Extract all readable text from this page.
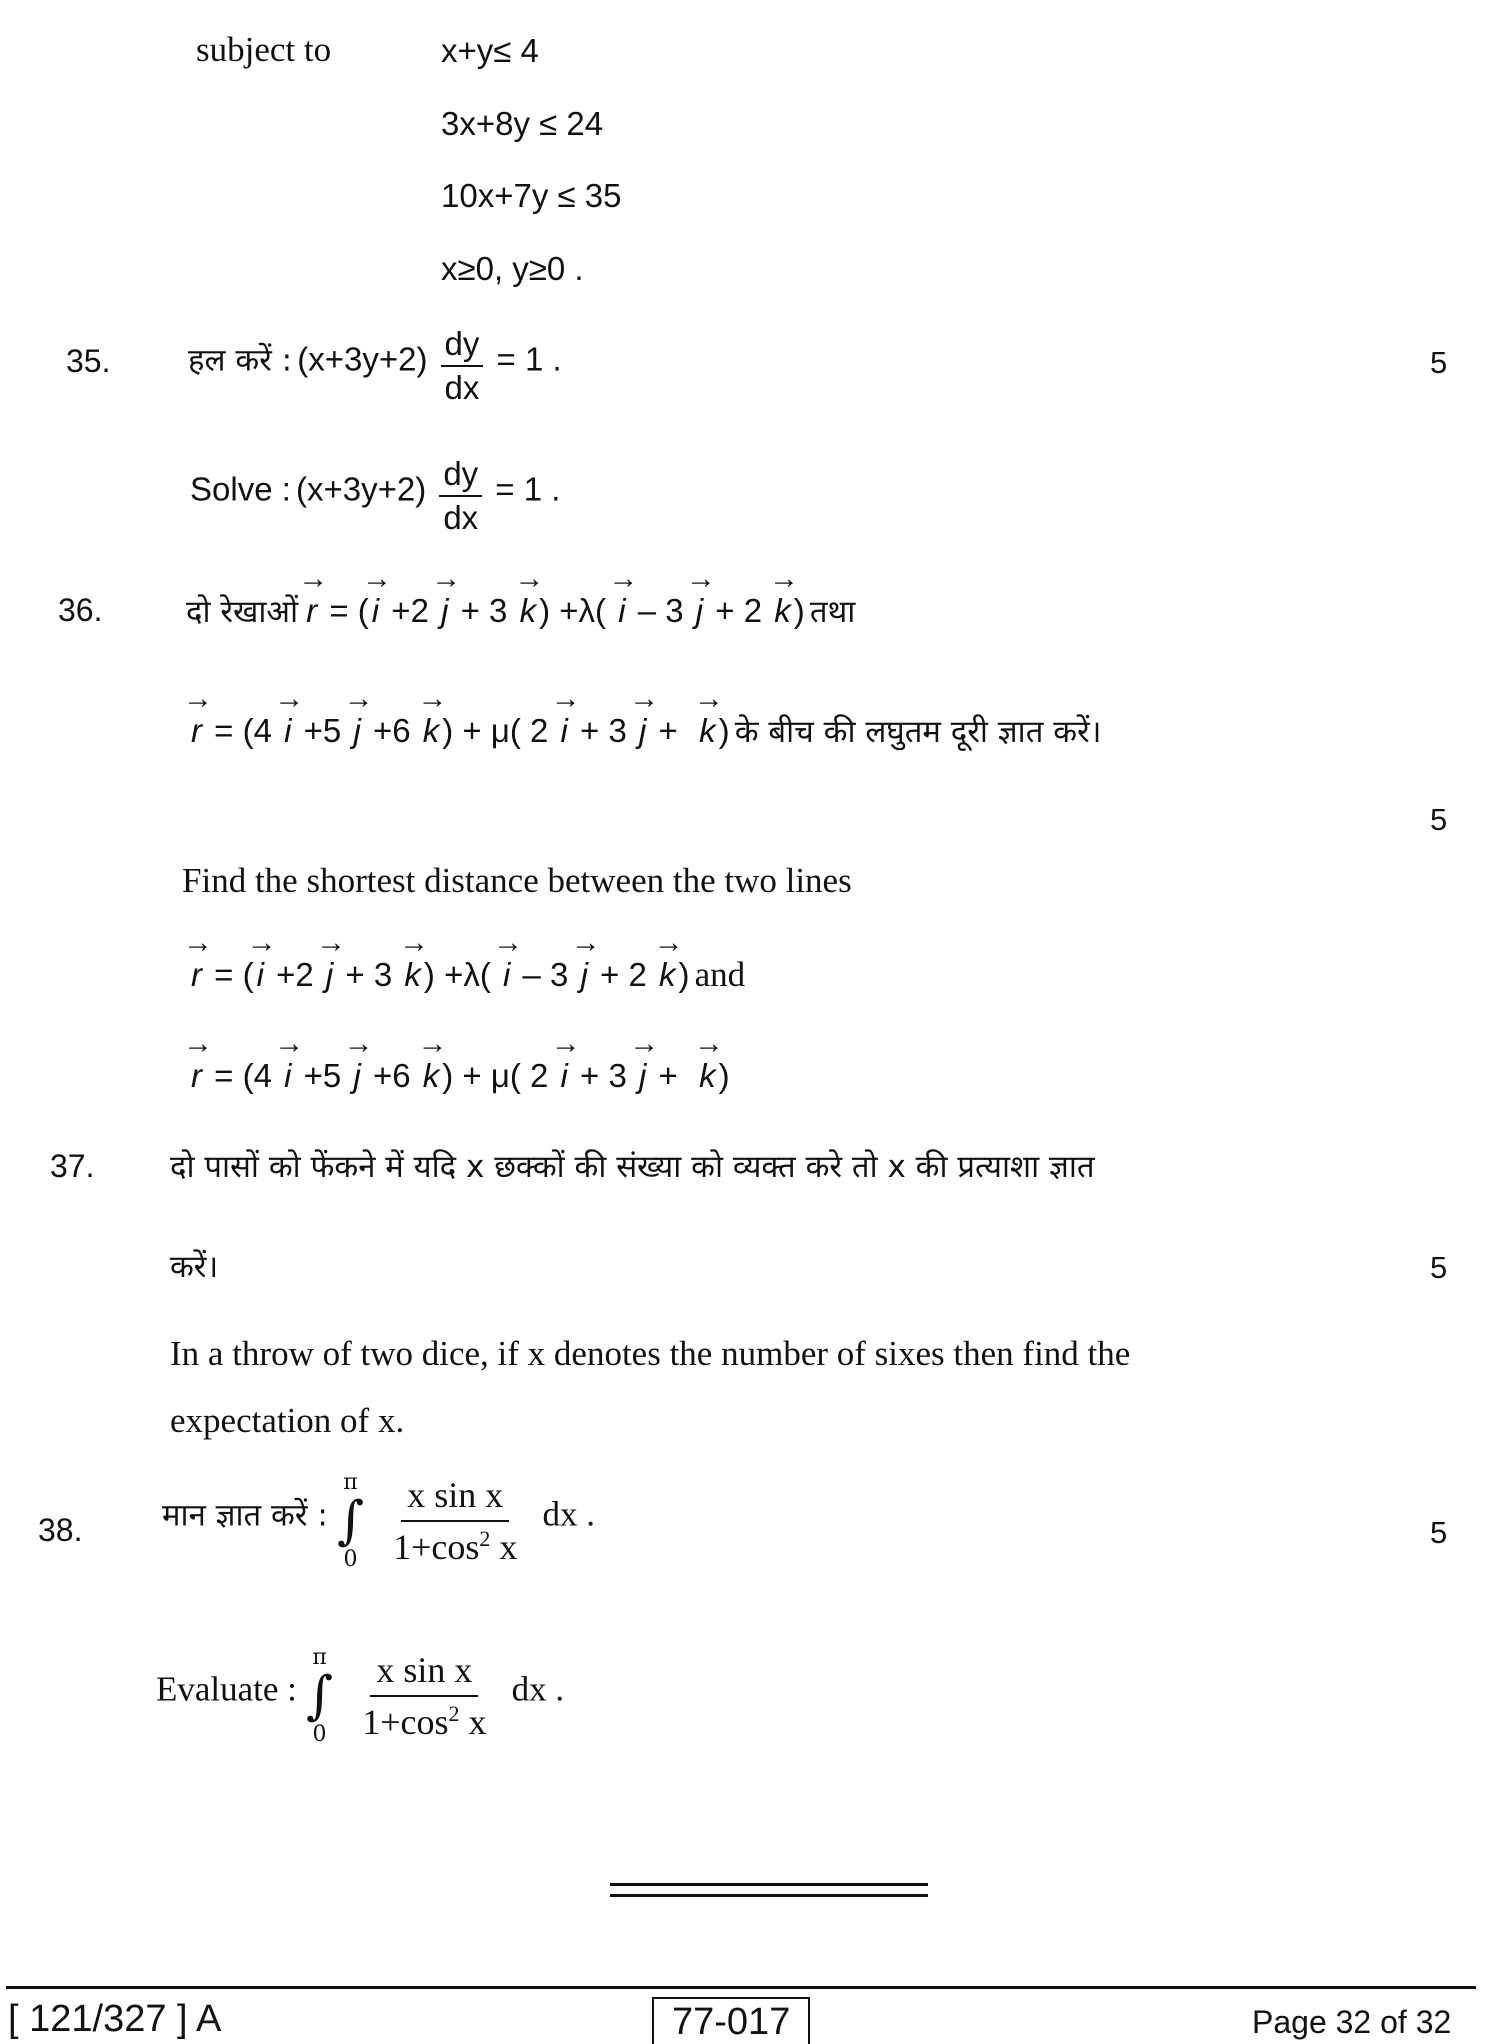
subject to	x+y≤ 4
3x+8y ≤ 24
10x+7y ≤ 35
x≥0, y≥0 .
35.	हल करें : $(x+3y+2) \frac{dy}{dx} = 1$ .	5
Solve : $(x+3y+2) \frac{dy}{dx} = 1$ .
36.	दो रेखाओं → r = (→ i +2 → j + 3 → k) +λ( → i – 3 → j + 2 → k) तथा
→ r = (4 → i +5 → j +6 → k) + μ( 2 → i + 3 → j +  → k) के बीच की लघुतम दूरी ज्ञात करें।
5
Find the shortest distance between the two lines
→ r = (→ i +2 → j + 3 → k) +λ( → i – 3 → j + 2 → k) and
→ r = (4 → i +5 → j +6 → k) + μ( 2 → i + 3 → j +  → k)
37. दो पासों को फेंकने में यदि x छक्कों की संख्या को व्यक्त करे तो x की प्रत्याशा ज्ञात
करें।	5
In a throw of two dice, if x denotes the number of sixes then find the
expectation of x.
38.	मान ज्ञात करें :
π
∫
0
$\frac{\text{x sin x}}{1+\cos^2 x}$ dx .	5
Evaluate :
π
∫
0
$\frac{\text{x sin x}}{1+\cos^2 x}$ dx .
[ 121/327 ] A	77-017	Page 32 of 32
